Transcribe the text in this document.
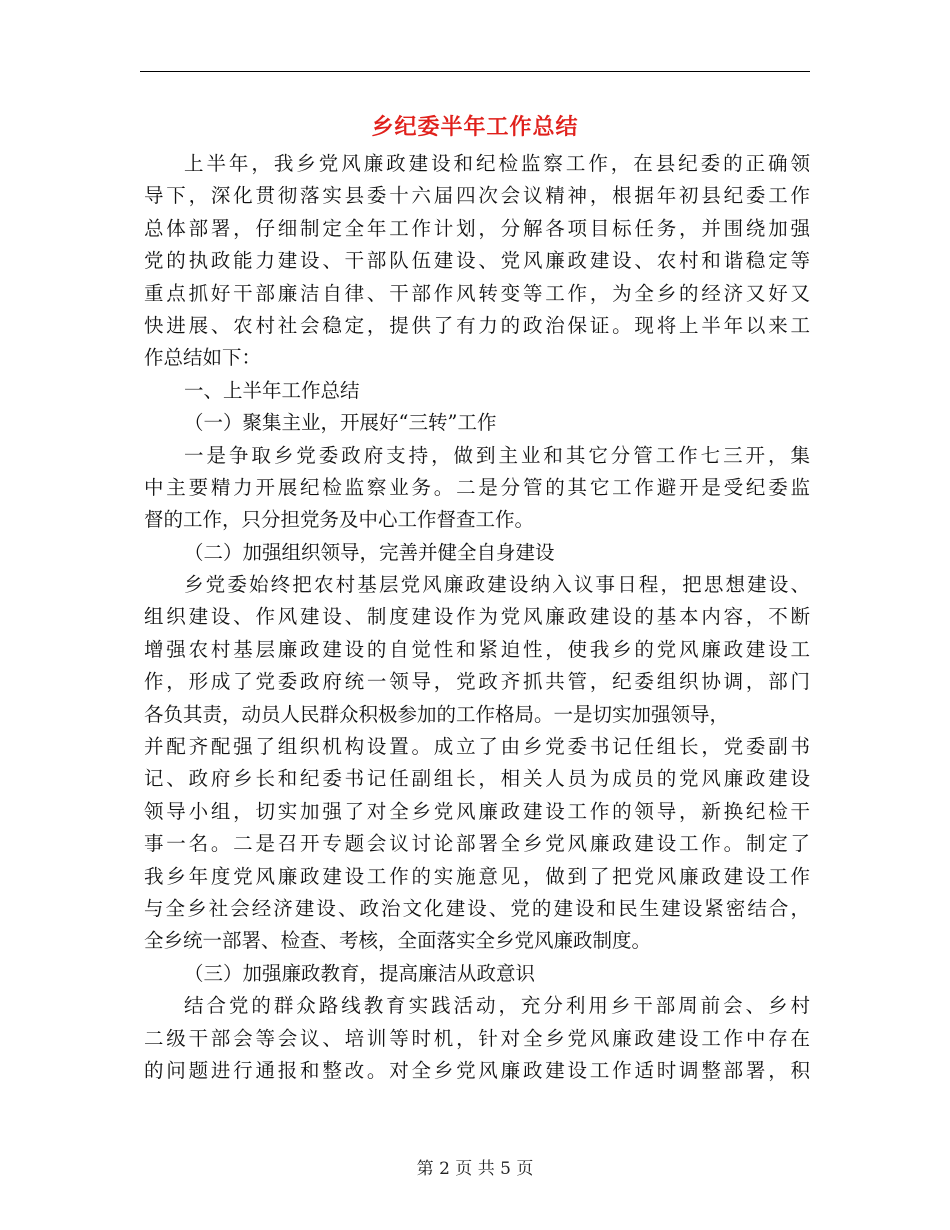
乡纪委半年工作总结
上半年，我乡党风廉政建设和纪检监察工作，在县纪委的正确领
导下，深化贯彻落实县委十六届四次会议精神，根据年初县纪委工作
总体部署，仔细制定全年工作计划，分解各项目标任务，并围绕加强
党的执政能力建设、干部队伍建设、党风廉政建设、农村和谐稳定等
重点抓好干部廉洁自律、干部作风转变等工作，为全乡的经济又好又
快进展、农村社会稳定，提供了有力的政治保证。现将上半年以来工
作总结如下：
一、上半年工作总结
（一）聚集主业，开展好“三转”工作
一是争取乡党委政府支持，做到主业和其它分管工作七三开，集
中主要精力开展纪检监察业务。二是分管的其它工作避开是受纪委监
督的工作，只分担党务及中心工作督查工作。
（二）加强组织领导，完善并健全自身建设
乡党委始终把农村基层党风廉政建设纳入议事日程，把思想建设、
组织建设、作风建设、制度建设作为党风廉政建设的基本内容，不断
增强农村基层廉政建设的自觉性和紧迫性，使我乡的党风廉政建设工
作，形成了党委政府统一领导，党政齐抓共管，纪委组织协调，部门
各负其责，动员人民群众积极参加的工作格局。一是切实加强领导，
并配齐配强了组织机构设置。成立了由乡党委书记任组长，党委副书
记、政府乡长和纪委书记任副组长，相关人员为成员的党风廉政建设
领导小组，切实加强了对全乡党风廉政建设工作的领导，新换纪检干
事一名。二是召开专题会议讨论部署全乡党风廉政建设工作。制定了
我乡年度党风廉政建设工作的实施意见，做到了把党风廉政建设工作
与全乡社会经济建设、政治文化建设、党的建设和民生建设紧密结合，
全乡统一部署、检查、考核，全面落实全乡党风廉政制度。
（三）加强廉政教育，提高廉洁从政意识
结合党的群众路线教育实践活动，充分利用乡干部周前会、乡村
二级干部会等会议、培训等时机，针对全乡党风廉政建设工作中存在
的问题进行通报和整改。对全乡党风廉政建设工作适时调整部署，积
第 2 页 共 5 页
